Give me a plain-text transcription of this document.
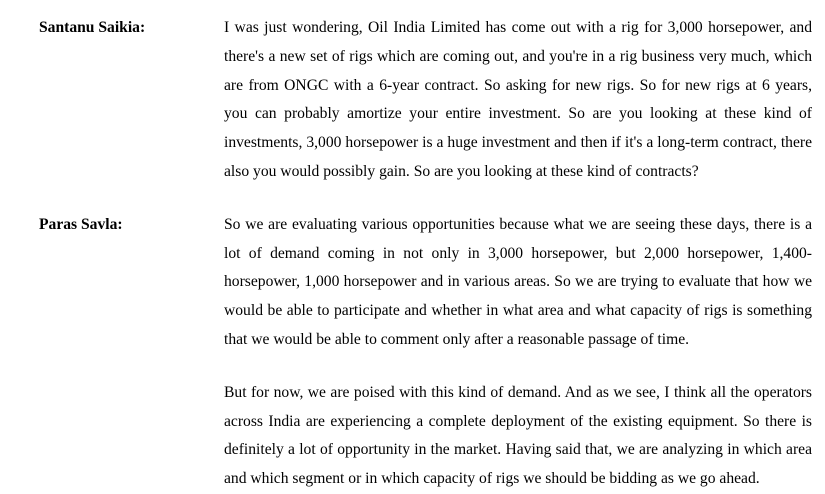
Santanu Saikia:	I was just wondering, Oil India Limited has come out with a rig for 3,000 horsepower, and there's a new set of rigs which are coming out, and you're in a rig business very much, which are from ONGC with a 6-year contract. So asking for new rigs. So for new rigs at 6 years, you can probably amortize your entire investment. So are you looking at these kind of investments, 3,000 horsepower is a huge investment and then if it's a long-term contract, there also you would possibly gain. So are you looking at these kind of contracts?

Paras Savla:	So we are evaluating various opportunities because what we are seeing these days, there is a lot of demand coming in not only in 3,000 horsepower, but 2,000 horsepower, 1,400-horsepower, 1,000 horsepower and in various areas. So we are trying to evaluate that how we would be able to participate and whether in what area and what capacity of rigs is something that we would be able to comment only after a reasonable passage of time.

But for now, we are poised with this kind of demand. And as we see, I think all the operators across India are experiencing a complete deployment of the existing equipment. So there is definitely a lot of opportunity in the market. Having said that, we are analyzing in which area and which segment or in which capacity of rigs we should be bidding as we go ahead.
